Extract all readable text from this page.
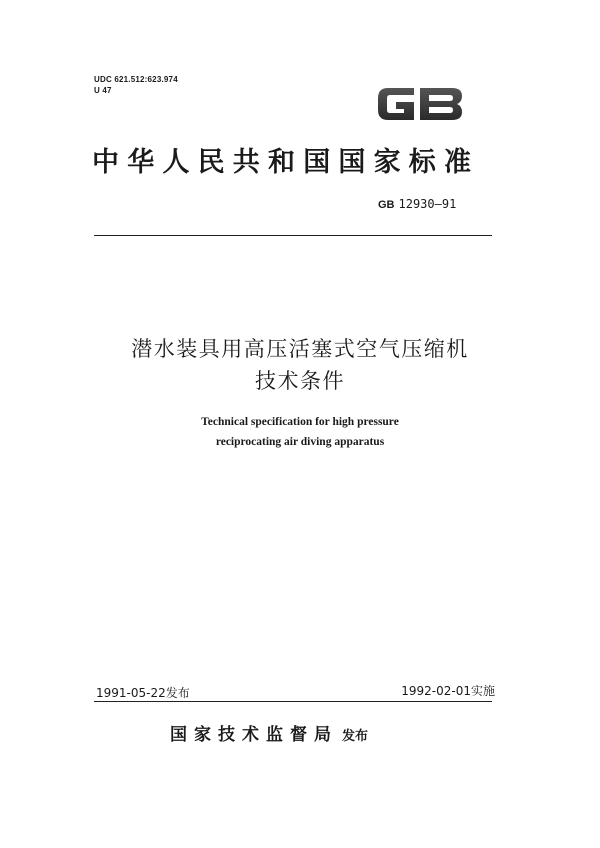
UDC 621.512:623.974
U 47
中华人民共和国国家标准
GB 12930—91
潜水装具用高压活塞式空气压缩机
技术条件
Technical specification for high pressure
reciprocating air diving apparatus
1991-05-22发布	1992-02-01实施
国家技术监督局 发布
